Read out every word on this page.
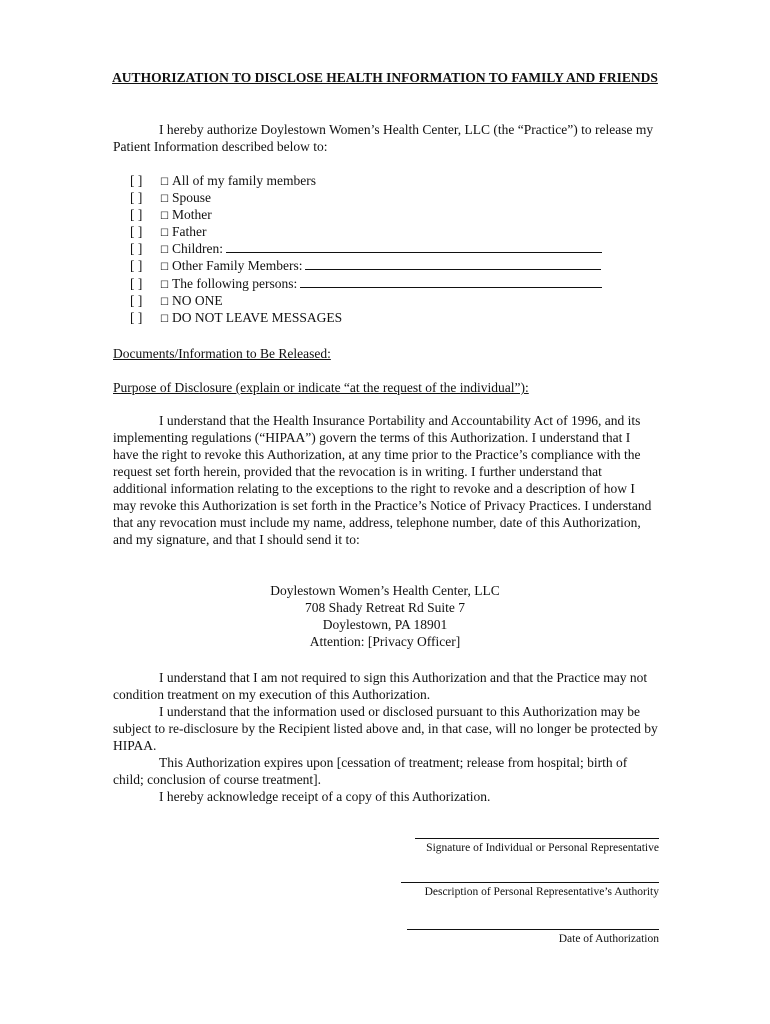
AUTHORIZATION TO DISCLOSE HEALTH INFORMATION TO FAMILY AND FRIENDS
I hereby authorize Doylestown Women’s Health Center, LLC (the “Practice”) to release my Patient Information described below to:
[ ]	☐ All of my family members
[ ]	☐ Spouse
[ ]	☐ Mother
[ ]	☐ Father
[ ]	☐ Children:
[ ]	☐ Other Family Members:
[ ]	☐ The following persons:
[ ]	☐ NO ONE
[ ]	☐ DO NOT LEAVE MESSAGES
Documents/Information to Be Released:
Purpose of Disclosure (explain or indicate “at the request of the individual”):
I understand that the Health Insurance Portability and Accountability Act of 1996, and its implementing regulations (“HIPAA”) govern the terms of this Authorization. I understand that I have the right to revoke this Authorization, at any time prior to the Practice’s compliance with the request set forth herein, provided that the revocation is in writing. I further understand that additional information relating to the exceptions to the right to revoke and a description of how I may revoke this Authorization is set forth in the Practice’s Notice of Privacy Practices. I understand that any revocation must include my name, address, telephone number, date of this Authorization, and my signature, and that I should send it to:
Doylestown Women’s Health Center, LLC
708 Shady Retreat Rd Suite 7
Doylestown, PA 18901
Attention: [Privacy Officer]
I understand that I am not required to sign this Authorization and that the Practice may not condition treatment on my execution of this Authorization.
I understand that the information used or disclosed pursuant to this Authorization may be subject to re-disclosure by the Recipient listed above and, in that case, will no longer be protected by HIPAA.
This Authorization expires upon [cessation of treatment; release from hospital; birth of child; conclusion of course treatment].
I hereby acknowledge receipt of a copy of this Authorization.
Signature of Individual or Personal Representative
Description of Personal Representative’s Authority
Date of Authorization
